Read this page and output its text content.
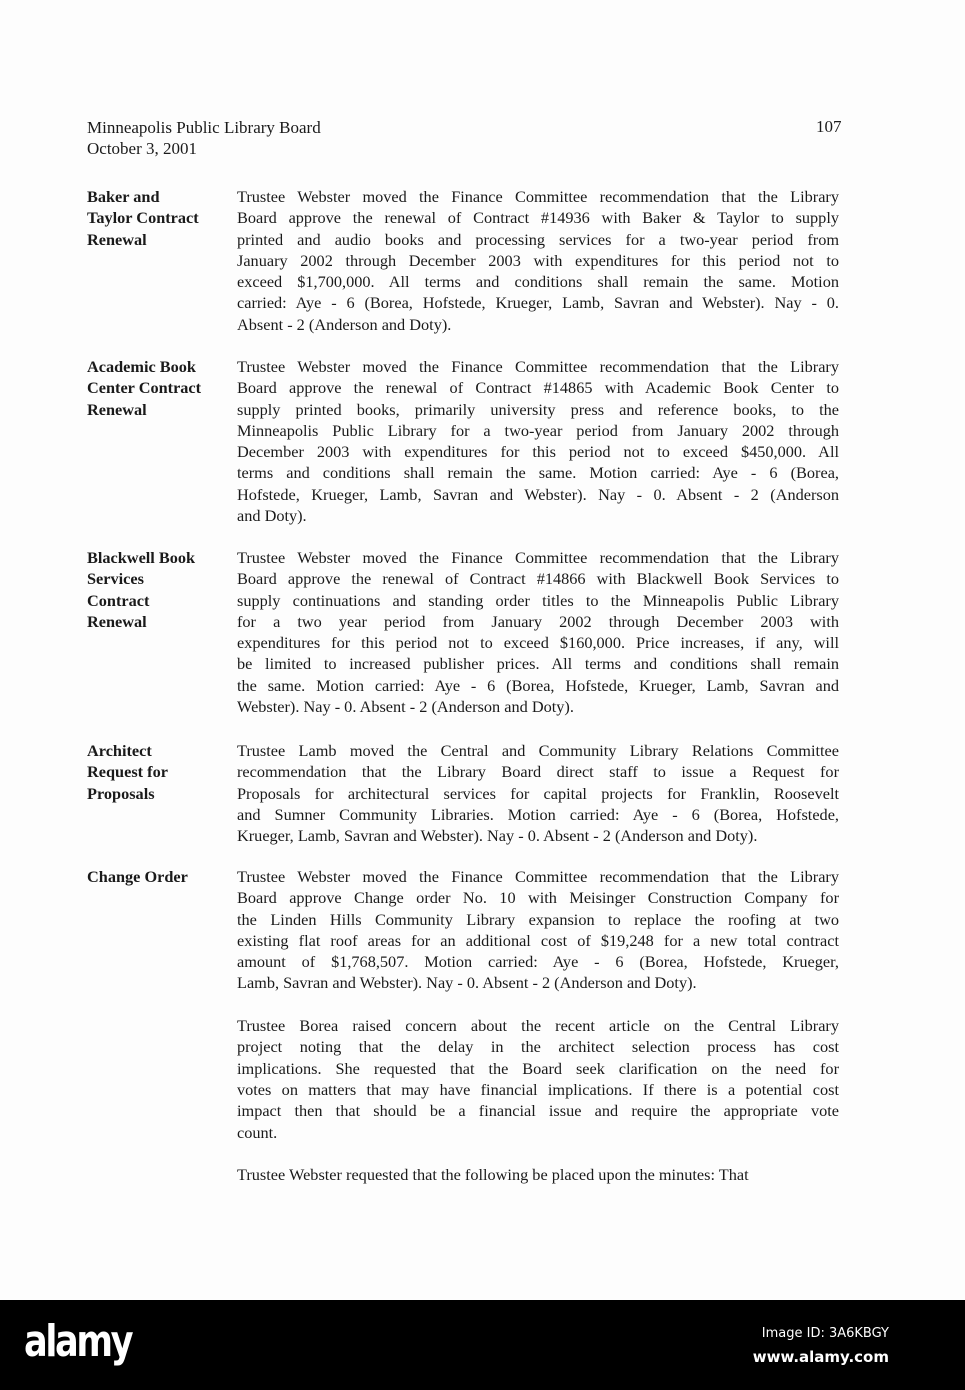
Minneapolis Public Library Board
October 3, 2001
107
Baker and
Taylor Contract
Renewal
Trustee Webster moved the Finance Committee recommendation that the Library
Board approve the renewal of Contract #14936 with Baker & Taylor to supply
printed and audio books and processing services for a two-year period from
January 2002 through December 2003 with expenditures for this period not to
exceed $1,700,000. All terms and conditions shall remain the same. Motion
carried: Aye - 6 (Borea, Hofstede, Krueger, Lamb, Savran and Webster). Nay - 0.
Absent - 2 (Anderson and Doty).
Academic Book
Center Contract
Renewal
Trustee Webster moved the Finance Committee recommendation that the Library
Board approve the renewal of Contract #14865 with Academic Book Center to
supply printed books, primarily university press and reference books, to the
Minneapolis Public Library for a two-year period from January 2002 through
December 2003 with expenditures for this period not to exceed $450,000. All
terms and conditions shall remain the same. Motion carried: Aye - 6 (Borea,
Hofstede, Krueger, Lamb, Savran and Webster). Nay - 0. Absent - 2 (Anderson
and Doty).
Blackwell Book
Services
Contract
Renewal
Trustee Webster moved the Finance Committee recommendation that the Library
Board approve the renewal of Contract #14866 with Blackwell Book Services to
supply continuations and standing order titles to the Minneapolis Public Library
for a two year period from January 2002 through December 2003 with
expenditures for this period not to exceed $160,000. Price increases, if any, will
be limited to increased publisher prices. All terms and conditions shall remain
the same. Motion carried: Aye - 6 (Borea, Hofstede, Krueger, Lamb, Savran and
Webster). Nay - 0. Absent - 2 (Anderson and Doty).
Architect
Request for
Proposals
Trustee Lamb moved the Central and Community Library Relations Committee
recommendation that the Library Board direct staff to issue a Request for
Proposals for architectural services for capital projects for Franklin, Roosevelt
and Sumner Community Libraries. Motion carried: Aye - 6 (Borea, Hofstede,
Krueger, Lamb, Savran and Webster). Nay - 0. Absent - 2 (Anderson and Doty).
Change Order	Trustee Webster moved the Finance Committee recommendation that the Library
Board approve Change order No. 10 with Meisinger Construction Company for
the Linden Hills Community Library expansion to replace the roofing at two
existing flat roof areas for an additional cost of $19,248 for a new total contract
amount of $1,768,507. Motion carried: Aye - 6 (Borea, Hofstede, Krueger,
Lamb, Savran and Webster). Nay - 0. Absent - 2 (Anderson and Doty).
Trustee Borea raised concern about the recent article on the Central Library
project noting that the delay in the architect selection process has cost
implications. She requested that the Board seek clarification on the need for
votes on matters that may have financial implications. If there is a potential cost
impact then that should be a financial issue and require the appropriate vote
count.
Trustee Webster requested that the following be placed upon the minutes: That
alamy	Image ID: 3A6KBGY
www.alamy.com
